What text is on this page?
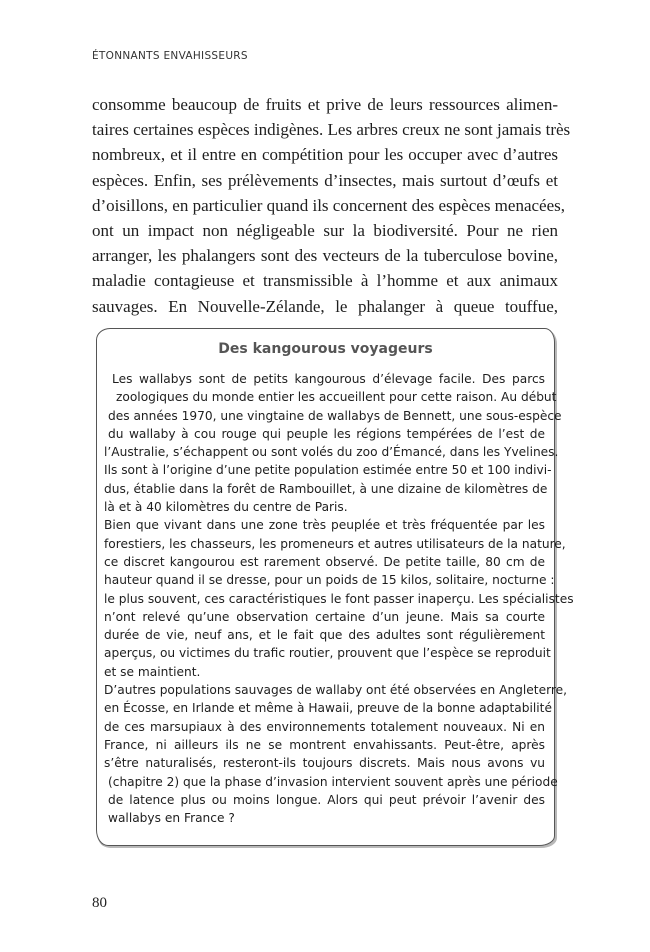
ÉTONNANTS ENVAHISSEURS
consomme beaucoup de fruits et prive de leurs ressources alimen-
taires certaines espèces indigènes. Les arbres creux ne sont jamais très
nombreux, et il entre en compétition pour les occuper avec d’autres
espèces. Enfin, ses prélèvements d’insectes, mais surtout d’œufs et
d’oisillons, en particulier quand ils concernent des espèces menacées,
ont un impact non négligeable sur la biodiversité. Pour ne rien
arranger, les phalangers sont des vecteurs de la tuberculose bovine,
maladie contagieuse et transmissible à l’homme et aux animaux
sauvages. En Nouvelle-Zélande, le phalanger à queue touffue,
Des kangourous voyageurs
Les wallabys sont de petits kangourous d’élevage facile. Des parcs
zoologiques du monde entier les accueillent pour cette raison. Au début
des années 1970, une vingtaine de wallabys de Bennett, une sous-espèce
du wallaby à cou rouge qui peuple les régions tempérées de l’est de
l’Australie, s’échappent ou sont volés du zoo d’Émancé, dans les Yvelines.
Ils sont à l’origine d’une petite population estimée entre 50 et 100 indivi-
dus, établie dans la forêt de Rambouillet, à une dizaine de kilomètres de
là et à 40 kilomètres du centre de Paris.
Bien que vivant dans une zone très peuplée et très fréquentée par les
forestiers, les chasseurs, les promeneurs et autres utilisateurs de la nature,
ce discret kangourou est rarement observé. De petite taille, 80 cm de
hauteur quand il se dresse, pour un poids de 15 kilos, solitaire, nocturne :
le plus souvent, ces caractéristiques le font passer inaperçu. Les spécialistes
n’ont relevé qu’une observation certaine d’un jeune. Mais sa courte
durée de vie, neuf ans, et le fait que des adultes sont régulièrement
aperçus, ou victimes du trafic routier, prouvent que l’espèce se reproduit
et se maintient.
D’autres populations sauvages de wallaby ont été observées en Angleterre,
en Écosse, en Irlande et même à Hawaii, preuve de la bonne adaptabilité
de ces marsupiaux à des environnements totalement nouveaux. Ni en
France, ni ailleurs ils ne se montrent envahissants. Peut-être, après
s’être naturalisés, resteront-ils toujours discrets. Mais nous avons vu
(chapitre 2) que la phase d’invasion intervient souvent après une période
de latence plus ou moins longue. Alors qui peut prévoir l’avenir des
wallabys en France ?
80
